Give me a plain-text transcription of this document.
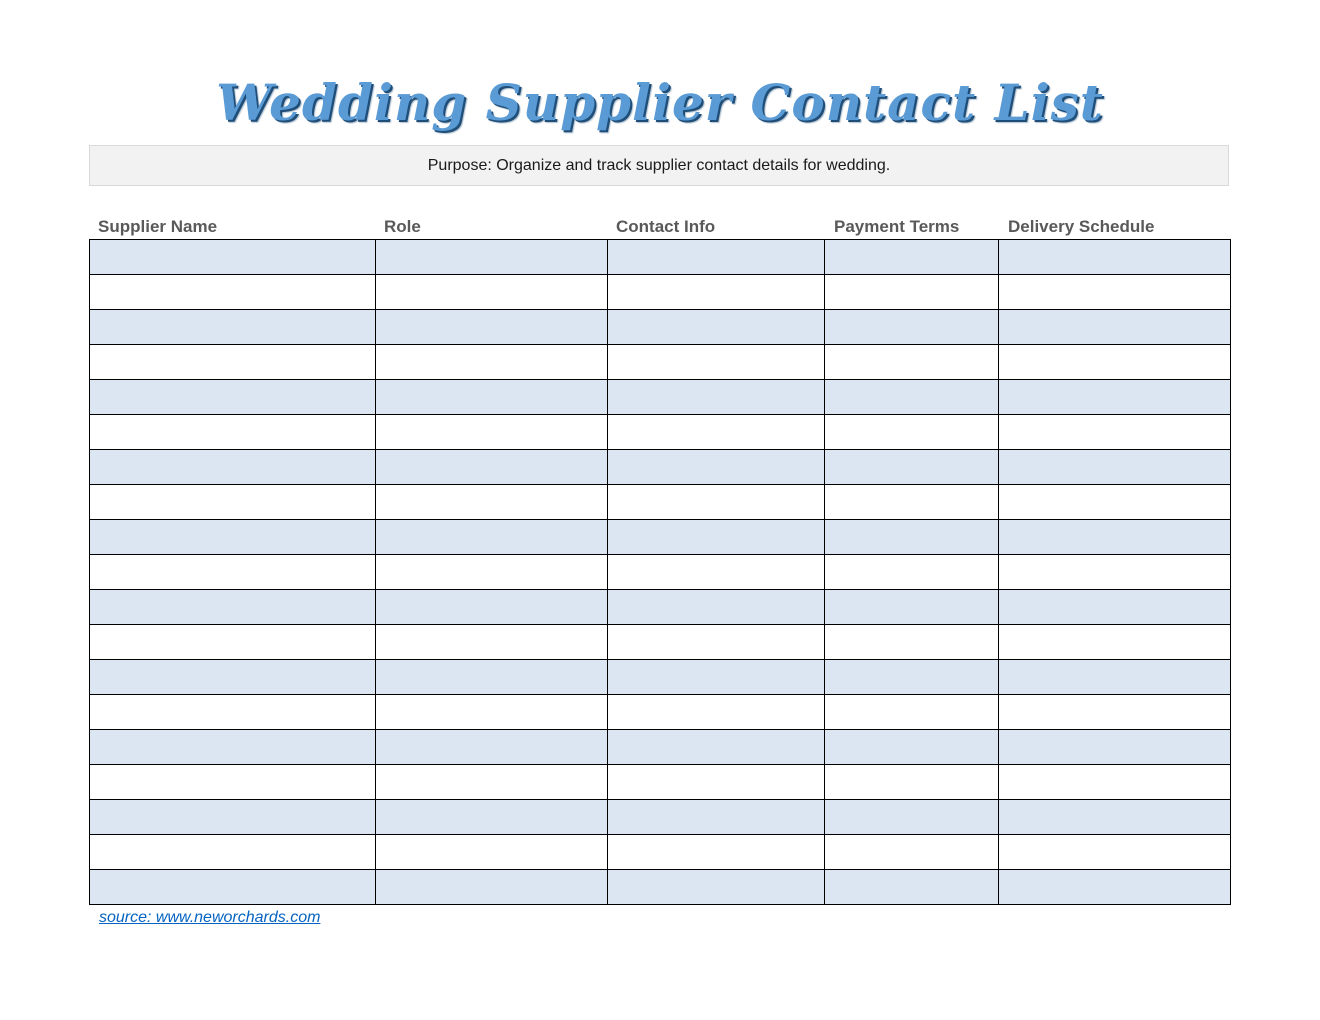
Wedding Supplier Contact List
Purpose: Organize and track supplier contact details for wedding.
Supplier Name	Role	Contact Info	Payment Terms	Delivery Schedule
source: www.neworchards.com
